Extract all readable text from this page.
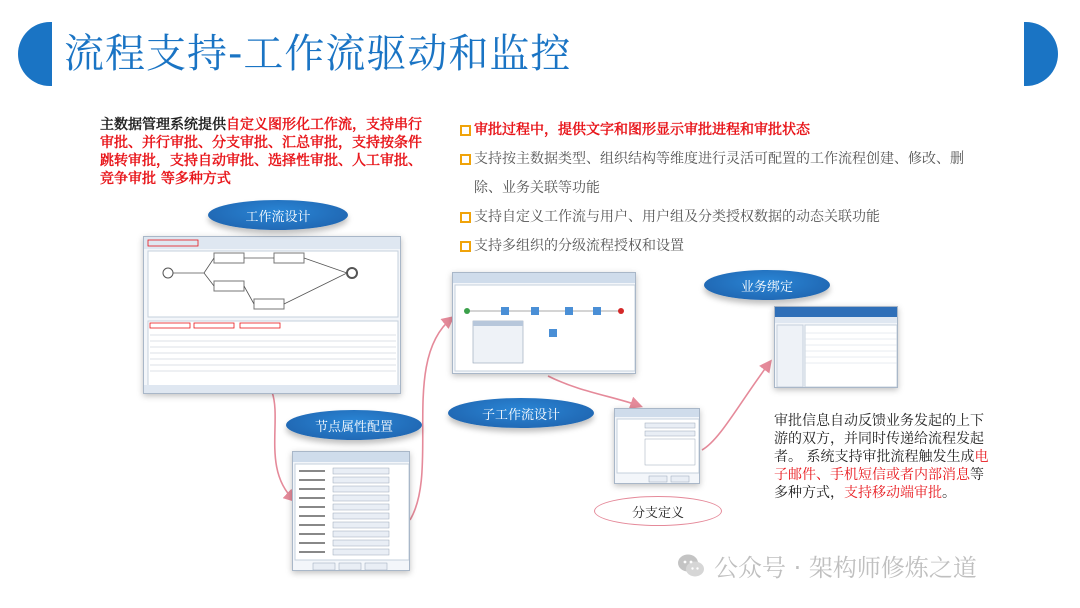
流程支持-工作流驱动和监控
主数据管理系统提供自定义图形化工作流，支持串行审批、并行审批、分支审批、汇总审批，支持按条件跳转审批，支持自动审批、选择性审批、人工审批、竞争审批 等多种方式
审批过程中，提供文字和图形显示审批进程和审批状态
支持按主数据类型、组织结构等维度进行灵活可配置的工作流程创建、修改、删除、业务关联等功能
支持自定义工作流与用户、用户组及分类授权数据的动态关联功能
支持多组织的分级流程授权和设置
工作流设计
节点属性配置
子工作流设计
业务绑定
分支定义
审批信息自动反馈业务发起的上下游的双方，并同时传递给流程发起者。 系统支持审批流程触发生成电子邮件、手机短信或者内部消息等多种方式，支持移动端审批。
公众号 · 架构师修炼之道
